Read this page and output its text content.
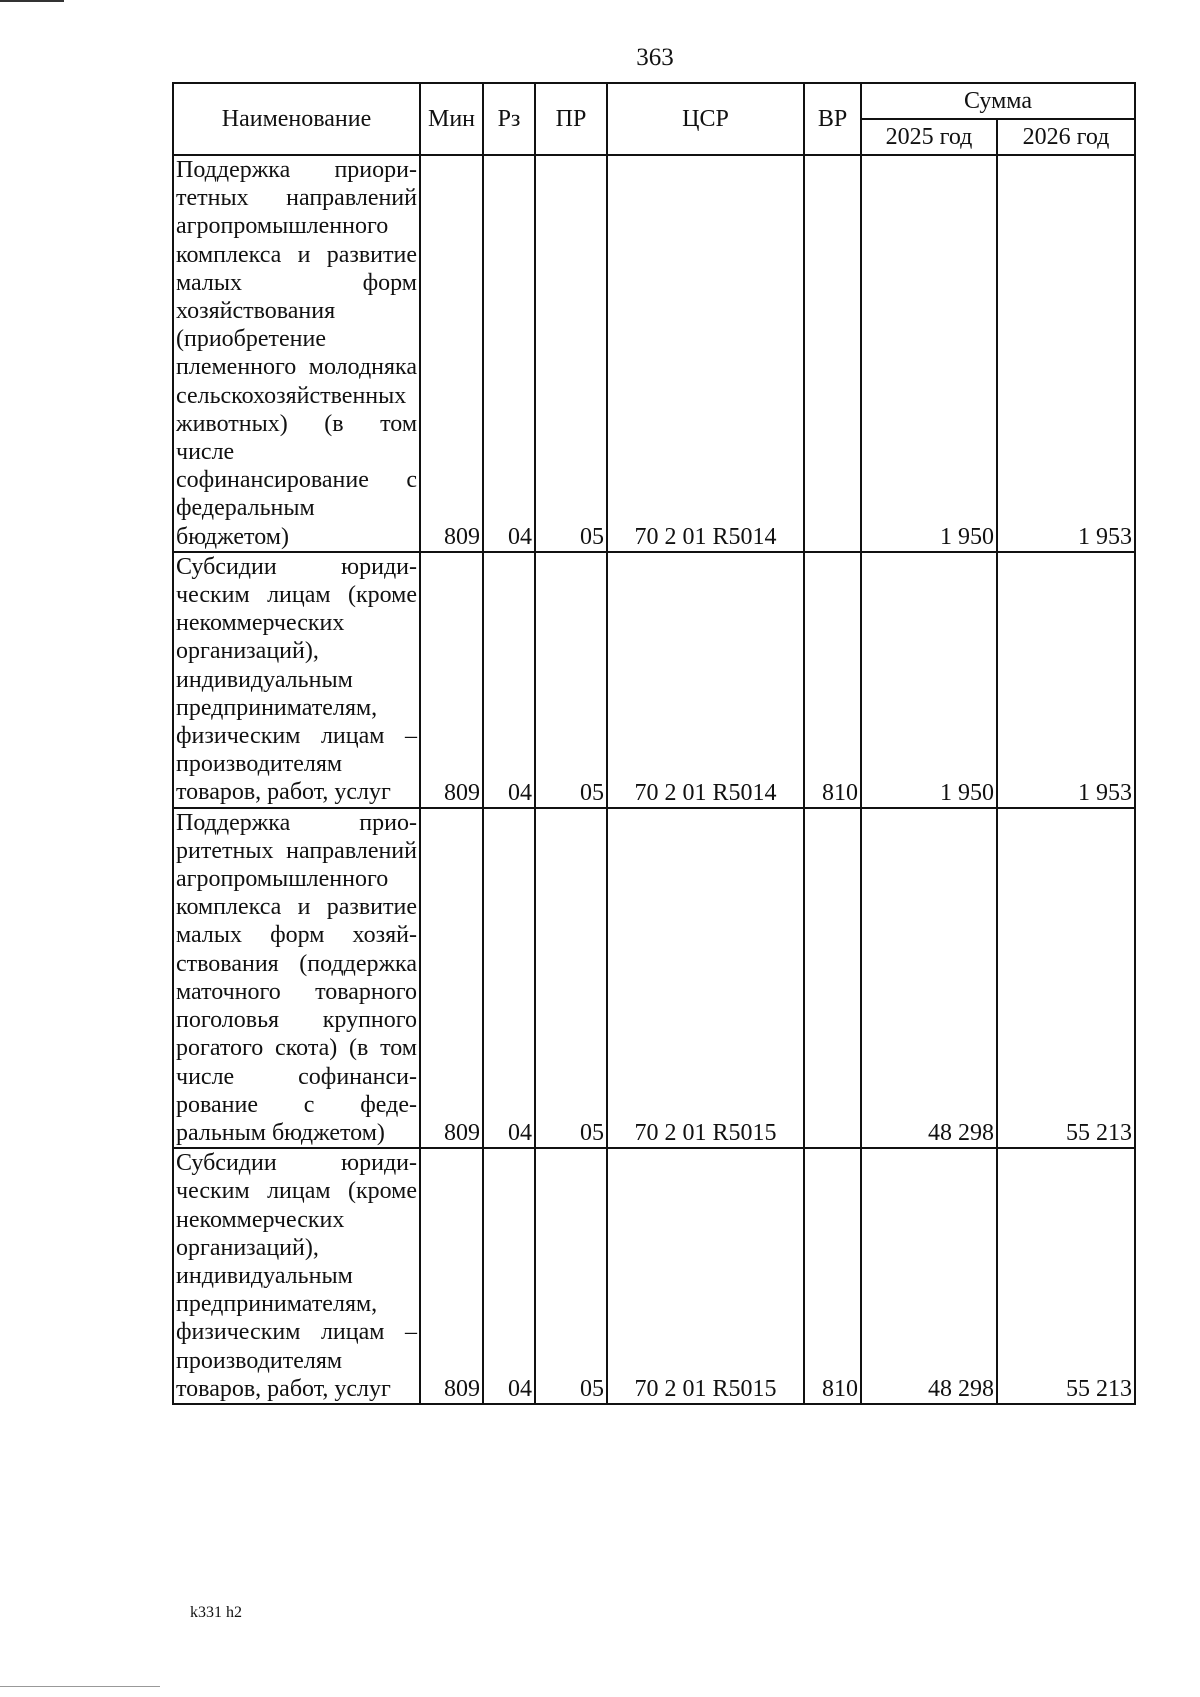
363
Наименование	Мин	Рз	ПР	ЦСР	ВР	Сумма	
						2025 год	2026 год
Поддержка приоритетных направлений агропромышленного комплекса и развитие малых форм хозяйствования (приобретение племенного молодняка сельскохозяйственных животных) (в том числе софинансирование с федеральным бюджетом)	809	04	05	70 2 01 R5014		1 950	1 953
Субсидии юридическим лицам (кроме некоммерческих организаций), индивидуальным предпринимателям, физическим лицам – производителям товаров, работ, услуг	809	04	05	70 2 01 R5014	810	1 950	1 953
Поддержка приоритетных направлений агропромышленного комплекса и развитие малых форм хозяйствования (поддержка маточного товарного поголовья крупного рогатого скота) (в том числе софинансирование с федеральным бюджетом)	809	04	05	70 2 01 R5015		48 298	55 213
Субсидии юридическим лицам (кроме некоммерческих организаций), индивидуальным предпринимателям, физическим лицам – производителям товаров, работ, услуг	809	04	05	70 2 01 R5015	810	48 298	55 213
k331 h2
